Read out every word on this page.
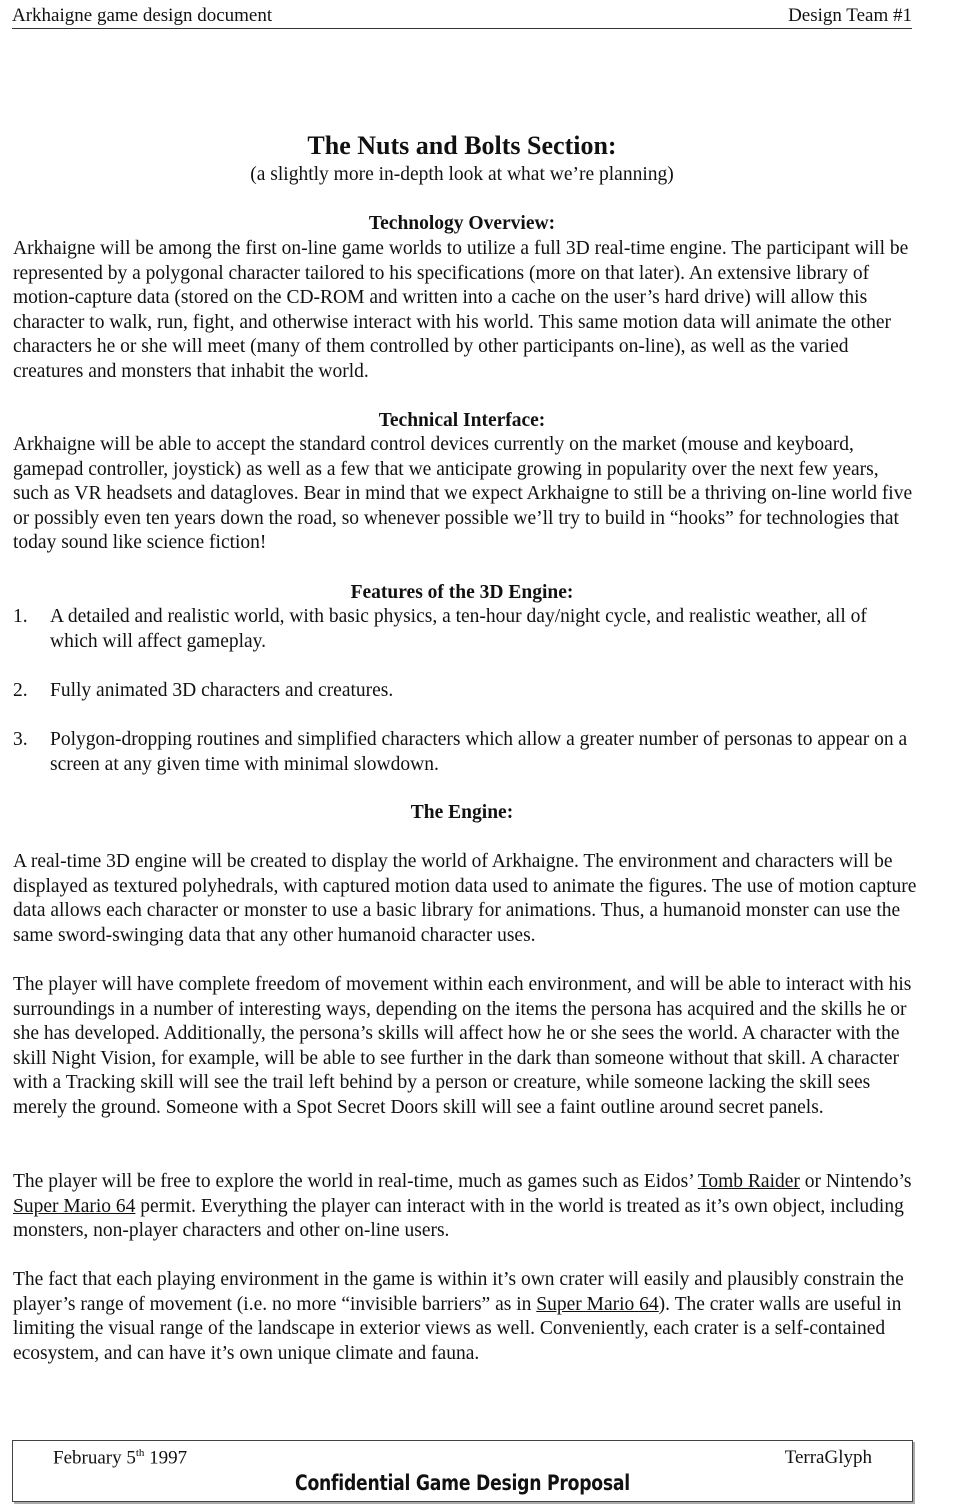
Arkhaigne game design document	Design Team #1
The Nuts and Bolts Section:
(a slightly more in-depth look at what we’re planning)
Technology Overview:
Arkhaigne will be among the first on-line game worlds to utilize a full 3D real-time engine. The participant will be represented by a polygonal character tailored to his specifications (more on that later). An extensive library of motion-capture data (stored on the CD-ROM and written into a cache on the user’s hard drive) will allow this character to walk, run, fight, and otherwise interact with his world. This same motion data will animate the other characters he or she will meet (many of them controlled by other participants on-line), as well as the varied creatures and monsters that inhabit the world.
Technical Interface:
Arkhaigne will be able to accept the standard control devices currently on the market (mouse and keyboard, gamepad controller, joystick) as well as a few that we anticipate growing in popularity over the next few years, such as VR headsets and datagloves. Bear in mind that we expect Arkhaigne to still be a thriving on-line world five or possibly even ten years down the road, so whenever possible we’ll try to build in “hooks” for technologies that today sound like science fiction!
Features of the 3D Engine:
1. A detailed and realistic world, with basic physics, a ten-hour day/night cycle, and realistic weather, all of which will affect gameplay.
2. Fully animated 3D characters and creatures.
3. Polygon-dropping routines and simplified characters which allow a greater number of personas to appear on a screen at any given time with minimal slowdown.
The Engine:
A real-time 3D engine will be created to display the world of Arkhaigne. The environment and characters will be displayed as textured polyhedrals, with captured motion data used to animate the figures. The use of motion capture data allows each character or monster to use a basic library for animations. Thus, a humanoid monster can use the same sword-swinging data that any other humanoid character uses.
The player will have complete freedom of movement within each environment, and will be able to interact with his surroundings in a number of interesting ways, depending on the items the persona has acquired and the skills he or she has developed. Additionally, the persona’s skills will affect how he or she sees the world. A character with the skill Night Vision, for example, will be able to see further in the dark than someone without that skill. A character with a Tracking skill will see the trail left behind by a person or creature, while someone lacking the skill sees merely the ground. Someone with a Spot Secret Doors skill will see a faint outline around secret panels.
The player will be free to explore the world in real-time, much as games such as Eidos’ Tomb Raider or Nintendo’s Super Mario 64 permit. Everything the player can interact with in the world is treated as it’s own object, including monsters, non-player characters and other on-line users.
The fact that each playing environment in the game is within it’s own crater will easily and plausibly constrain the player’s range of movement (i.e. no more “invisible barriers” as in Super Mario 64). The crater walls are useful in limiting the visual range of the landscape in exterior views as well. Conveniently, each crater is a self-contained ecosystem, and can have it’s own unique climate and fauna.
February 5th 1997	TerraGlyph
Confidential Game Design Proposal
